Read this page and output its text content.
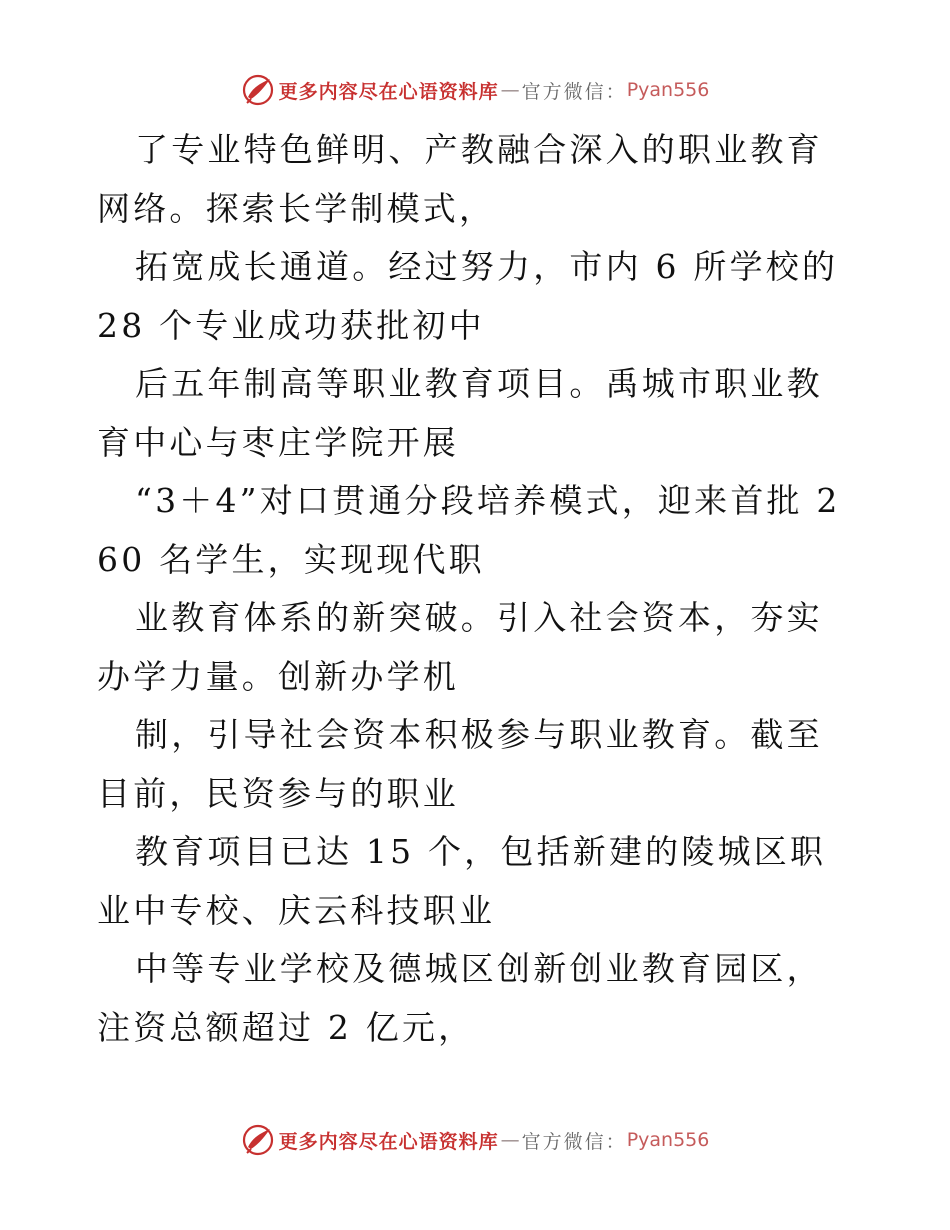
更多内容尽在心语资料库 — 官方微信： Pyan556

了专业特色鲜明、产教融合深入的职业教育网络。探索长学制模式，

拓宽成长通道。经过努力，市内 6 所学校的 28 个专业成功获批初中

后五年制高等职业教育项目。禹城市职业教育中心与枣庄学院开展

“3＋4”对口贯通分段培养模式，迎来首批 260 名学生，实现现代职

业教育体系的新突破。引入社会资本，夯实办学力量。创新办学机

制，引导社会资本积极参与职业教育。截至目前，民资参与的职业

教育项目已达 15 个，包括新建的陵城区职业中专校、庆云科技职业

中等专业学校及德城区创新创业教育园区，注资总额超过 2 亿元，

更多内容尽在心语资料库 — 官方微信： Pyan556
